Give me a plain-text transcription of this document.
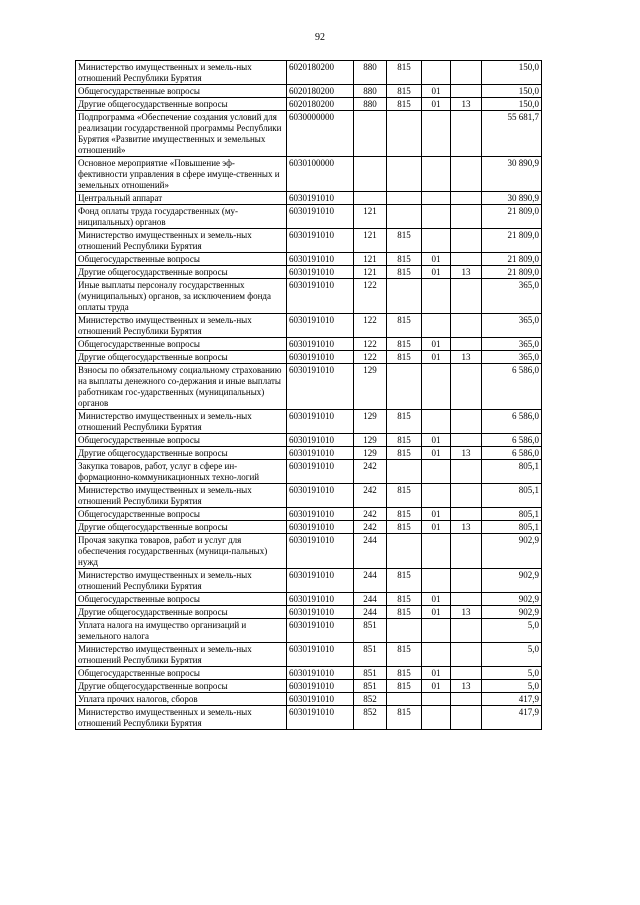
92
Министерство имущественных и земель-ных отношений Республики Бурятия	6020180200	880	815			150,0
Общегосударственные вопросы	6020180200	880	815	01		150,0
Другие общегосударственные вопросы	6020180200	880	815	01	13	150,0
Подпрограмма «Обеспечение создания условий для реализации государственной программы Республики Бурятия «Развитие имущественных и земельных отношений»	6030000000					55 681,7
Основное мероприятие «Повышение эф-фективности управления в сфере имуще-ственных и земельных отношений»	6030100000					30 890,9
Центральный аппарат	6030191010					30 890,9
Фонд оплаты труда государственных (му-ниципальных) органов	6030191010	121				21 809,0
Министерство имущественных и земель-ных отношений Республики Бурятия	6030191010	121	815			21 809,0
Общегосударственные вопросы	6030191010	121	815	01		21 809,0
Другие общегосударственные вопросы	6030191010	121	815	01	13	21 809,0
Иные выплаты персоналу государственных (муниципальных) органов, за исключением фонда оплаты труда	6030191010	122				365,0
Министерство имущественных и земель-ных отношений Республики Бурятия	6030191010	122	815			365,0
Общегосударственные вопросы	6030191010	122	815	01		365,0
Другие общегосударственные вопросы	6030191010	122	815	01	13	365,0
Взносы по обязательному социальному страхованию на выплаты денежного со-держания и иные выплаты работникам гос-ударственных (муниципальных) органов	6030191010	129				6 586,0
Министерство имущественных и земель-ных отношений Республики Бурятия	6030191010	129	815			6 586,0
Общегосударственные вопросы	6030191010	129	815	01		6 586,0
Другие общегосударственные вопросы	6030191010	129	815	01	13	6 586,0
Закупка товаров, работ, услуг в сфере ин-формационно-коммуникационных техно-логий	6030191010	242				805,1
Министерство имущественных и земель-ных отношений Республики Бурятия	6030191010	242	815			805,1
Общегосударственные вопросы	6030191010	242	815	01		805,1
Другие общегосударственные вопросы	6030191010	242	815	01	13	805,1
Прочая закупка товаров, работ и услуг для обеспечения государственных (муници-пальных) нужд	6030191010	244				902,9
Министерство имущественных и земель-ных отношений Республики Бурятия	6030191010	244	815			902,9
Общегосударственные вопросы	6030191010	244	815	01		902,9
Другие общегосударственные вопросы	6030191010	244	815	01	13	902,9
Уплата налога на имущество организаций и земельного налога	6030191010	851				5,0
Министерство имущественных и земель-ных отношений Республики Бурятия	6030191010	851	815			5,0
Общегосударственные вопросы	6030191010	851	815	01		5,0
Другие общегосударственные вопросы	6030191010	851	815	01	13	5,0
Уплата прочих налогов, сборов	6030191010	852				417,9
Министерство имущественных и земель-ных отношений Республики Бурятия	6030191010	852	815			417,9
